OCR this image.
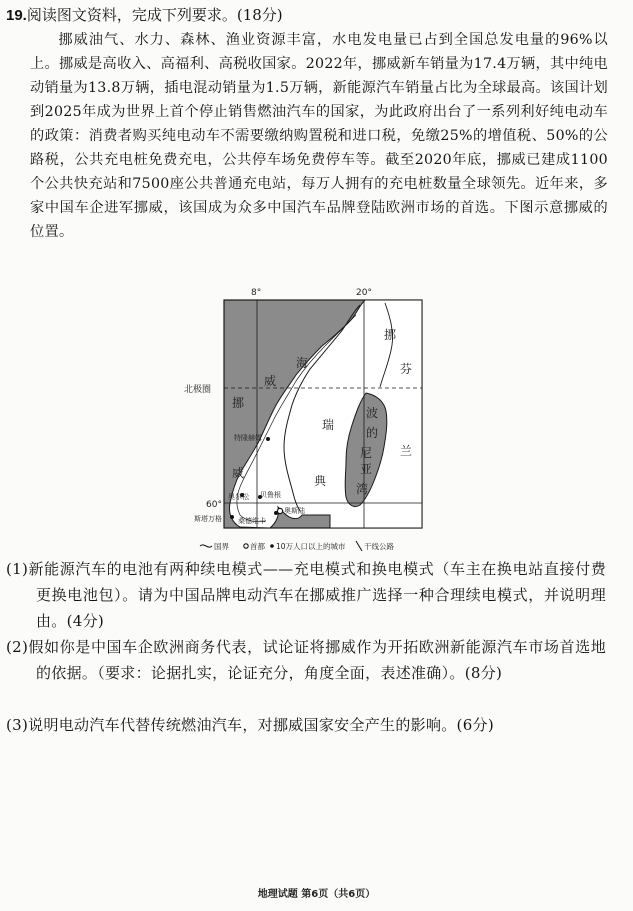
19.阅读图文资料，完成下列要求。(18分)
挪威油气、水力、森林、渔业资源丰富，水电发电量已占到全国总发电量的96%以上。挪威是高收入、高福利、高税收国家。2022年，挪威新车销量为17.4万辆，其中纯电动销量为13.8万辆，插电混动销量为1.5万辆，新能源汽车销量占比为全球最高。该国计划到2025年成为世界上首个停止销售燃油汽车的国家，为此政府出台了一系列利好纯电动车的政策：消费者购买纯电动车不需要缴纳购置税和进口税，免缴25%的增值税、50%的公路税，公共充电桩免费充电，公共停车场免费停车等。截至2020年底，挪威已建成1100个公共快充站和7500座公共普通充电站，每万人拥有的充电桩数量全球领先。近年来，多家中国车企进军挪威，该国成为众多中国汽车品牌登陆欧洲市场的首选。下图示意挪威的位置。
8°	20°
北极圈
60°
海
威
挪
威
挪
芬
兰
瑞
典
波
的
尼
亚
湾
特隆赫姆
奥尔松 贝鲁根
斯塔万格 桑德维卡
奥斯陆
国界	首都 10万人口以上的城市 干线公路
(1)新能源汽车的电池有两种续电模式——充电模式和换电模式（车主在换电站直接付费更换电池包）。请为中国品牌电动汽车在挪威推广选择一种合理续电模式，并说明理由。(4分)
(2)假如你是中国车企欧洲商务代表，试论证将挪威作为开拓欧洲新能源汽车市场首选地的依据。（要求：论据扎实，论证充分，角度全面，表述准确）。(8分)
(3)说明电动汽车代替传统燃油汽车，对挪威国家安全产生的影响。(6分)
地理试题 第6页（共6页）
